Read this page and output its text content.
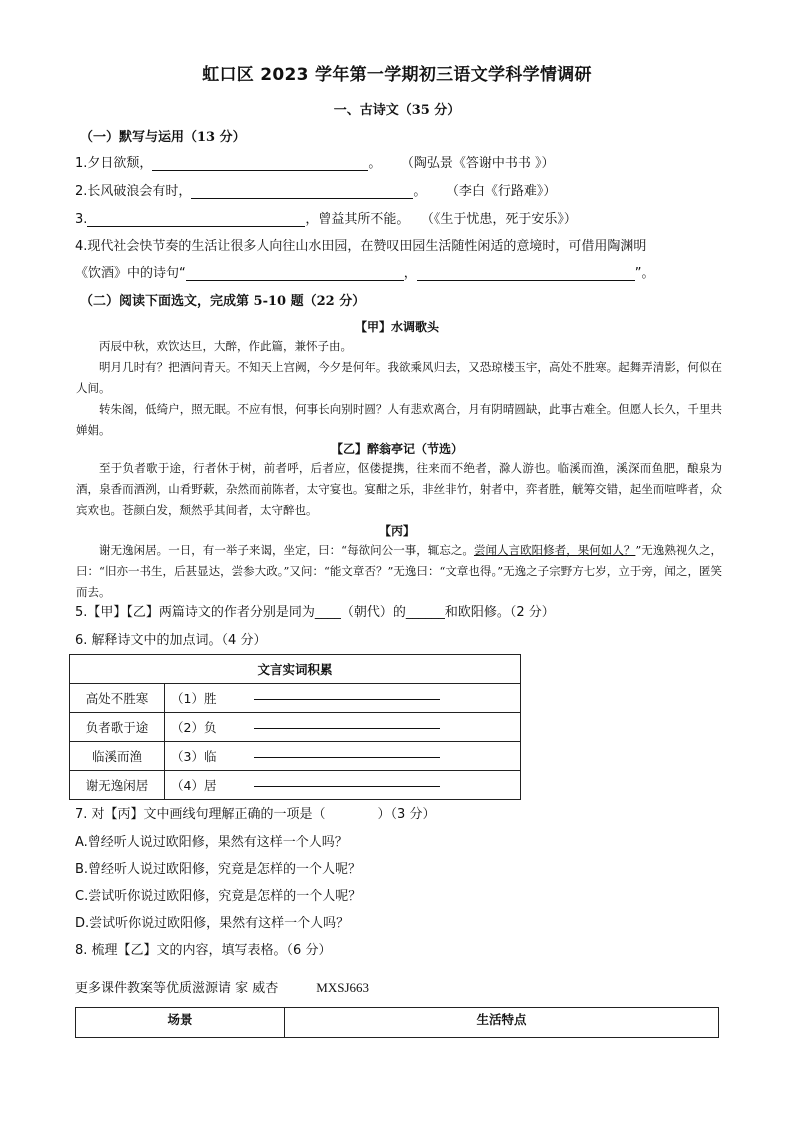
虹口区 2023 学年第一学期初三语文学科学情调研
一、古诗文（35 分）
（一）默写与运用（13 分）
1.夕日欲颓，	。 （陶弘景《答谢中书书 》）
2.长风破浪会有时，	。 （李白《行路难》）
3.	，曾益其所不能。 （《生于忧患，死于安乐》）
4.现代社会快节奏的生活让很多人向往山水田园，在赞叹田园生活随性闲适的意境时，可借用陶渊明
《饮酒》中的诗句“	，	”。
（二）阅读下面选文，完成第 5-10 题（22 分）
【甲】水调歌头

丙辰中秋，欢饮达旦，大醉，作此篇，兼怀子由。

明月几时有？把酒问青天。不知天上宫阙，今夕是何年。我欲乘风归去，又恐琼楼玉宇，高处不胜寒。起舞弄清影，何似在人间。

转朱阁，低绮户，照无眠。不应有恨，何事长向别时圆？人有悲欢离合，月有阴晴圆缺，此事古难全。但愿人长久，千里共婵娟。

【乙】醉翁亭记（节选）

至于负者歌于途，行者休于树，前者呼，后者应，伛偻提携，往来而不绝者，滁人游也。临溪而渔，溪深而鱼肥，酿泉为酒，泉香而酒洌，山肴野蔌，杂然而前陈者，太守宴也。宴酣之乐，非丝非竹，射者中，弈者胜，觥筹交错，起坐而喧哗者，众宾欢也。苍颜白发，颓然乎其间者，太守醉也。

【丙】

谢无逸闲居。一日，有一举子来谒，坐定，曰：“每欲问公一事，辄忘之。尝闻人言欧阳修者，果何如人？”无逸熟视久之，曰：“旧亦一书生，后甚显达，尝参大政。”又问：“能文章否？”无逸曰：“文章也得。”无逸之子宗野方七岁，立于旁，闻之，匿笑而去。

5.【甲】【乙】两篇诗文的作者分别是同为____（朝代）的______和欧阳修。（2 分）
6. 解释诗文中的加点词。（4 分）
文言实词积累	
高处不胜寒	（1）胜
负者歌于途	（2）负
临溪而渔	（3）临
谢无逸闲居	（4）居
7. 对【丙】文中画线句理解正确的一项是（　　　　）（3 分）
A.曾经听人说过欧阳修，果然有这样一个人吗？
B.曾经听人说过欧阳修，究竟是怎样的一个人呢？
C.尝试听你说过欧阳修，究竟是怎样的一个人呢？
D.尝试听你说过欧阳修，果然有这样一个人吗？
8. 梳理【乙】文的内容，填写表格。（6 分）
更多课件教案等优质滋源请 家 威杏	MXSJ663
场景	生活特点
